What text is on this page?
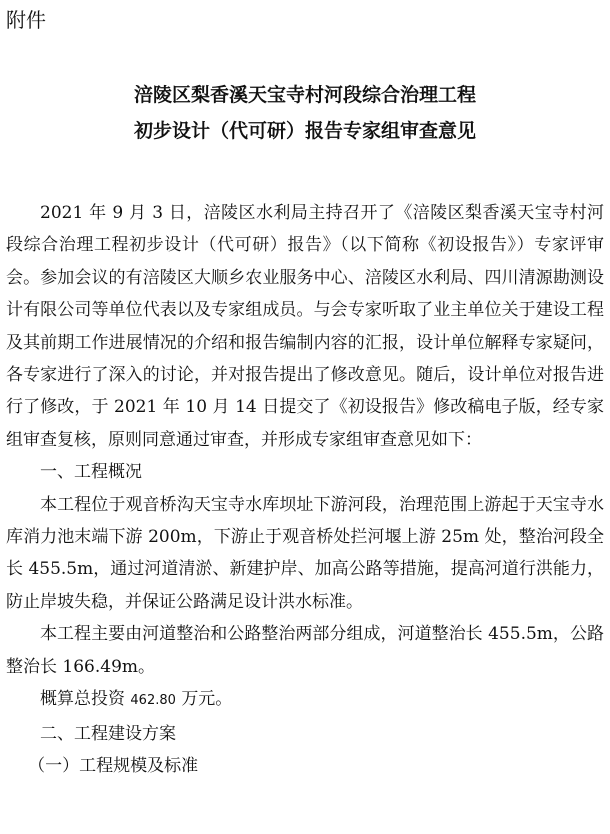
附件
涪陵区梨香溪天宝寺村河段综合治理工程
初步设计（代可研）报告专家组审查意见

2021 年 9 月 3 日，涪陵区水利局主持召开了《涪陵区梨香溪天宝寺村河段综合治理工程初步设计（代可研）报告》（以下简称《初设报告》）专家评审会。参加会议的有涪陵区大顺乡农业服务中心、涪陵区水利局、四川清源勘测设计有限公司等单位代表以及专家组成员。与会专家听取了业主单位关于建设工程及其前期工作进展情况的介绍和报告编制内容的汇报，设计单位解释专家疑问，各专家进行了深入的讨论，并对报告提出了修改意见。随后，设计单位对报告进行了修改，于 2021 年 10 月 14 日提交了《初设报告》修改稿电子版，经专家组审查复核，原则同意通过审查，并形成专家组审查意见如下：

一、工程概况

本工程位于观音桥沟天宝寺水库坝址下游河段，治理范围上游起于天宝寺水库消力池末端下游 200m，下游止于观音桥处拦河堰上游 25m 处，整治河段全长 455.5m，通过河道清淤、新建护岸、加高公路等措施，提高河道行洪能力，防止岸坡失稳，并保证公路满足设计洪水标准。

本工程主要由河道整治和公路整治两部分组成，河道整治长 455.5m，公路整治长 166.49m。

概算总投资 462.80 万元。

二、工程建设方案

（一）工程规模及标准
